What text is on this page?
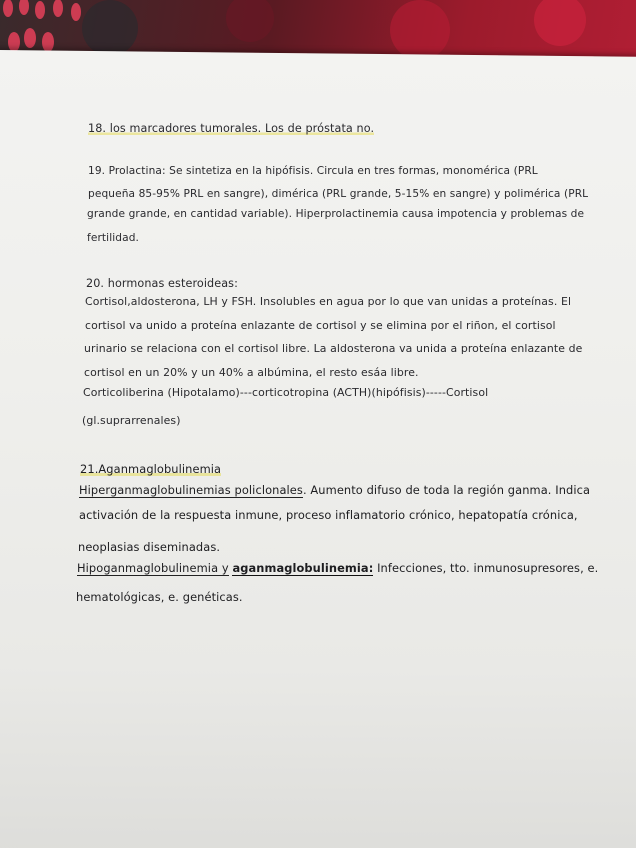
18. los marcadores tumorales. Los de próstata no.
19. Prolactina: Se sintetiza en la hipófisis. Circula en tres formas, monomérica (PRL
pequeña 85-95% PRL en sangre), dimérica (PRL grande, 5-15% en sangre) y polimérica (PRL
grande grande, en cantidad variable). Hiperprolactinemia causa impotencia y problemas de
fertilidad.
20. hormonas esteroideas:
Cortisol,aldosterona, LH y FSH. Insolubles en agua por lo que van unidas a proteínas. El
cortisol va unido a proteína enlazante de cortisol y se elimina por el riñon, el cortisol
urinario se relaciona con el cortisol libre. La aldosterona va unida a proteína enlazante de
cortisol en un 20% y un 40% a albúmina, el resto esáa libre.
Corticoliberina (Hipotalamo)---corticotropina (ACTH)(hipófisis)-----Cortisol
(gl.suprarrenales)
21.Aganmaglobulinemia
Hiperganmaglobulinemias policlonales. Aumento difuso de toda la región ganma. Indica
activación de la respuesta inmune, proceso inflamatorio crónico, hepatopatía crónica,
neoplasias diseminadas.
Hipoganmaglobulinemia y aganmaglobulinemia: Infecciones, tto. inmunosupresores, e.
hematológicas, e. genéticas.
